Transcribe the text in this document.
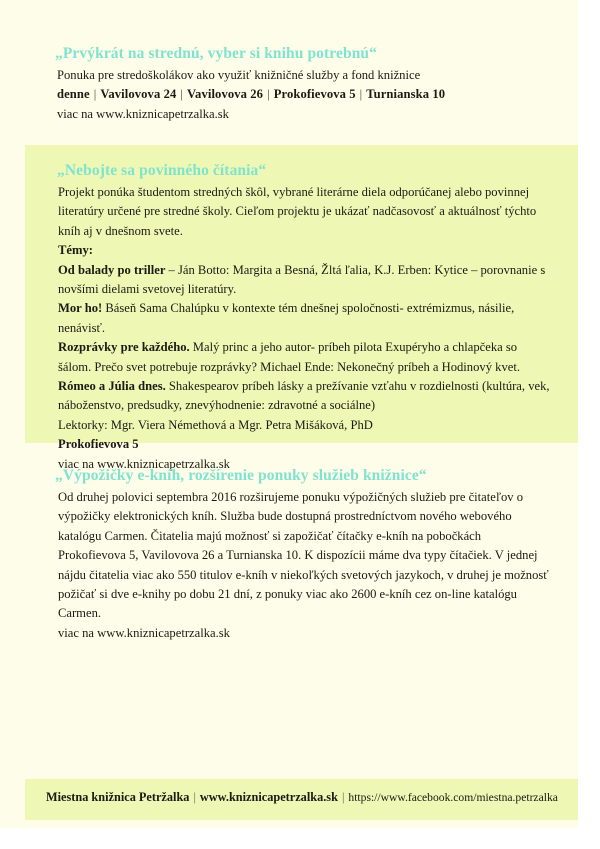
„Prvýkrát na strednú, vyber si knihu potrebnú“
Ponuka pre stredoškolákov ako využiť knižničné služby a fond knižnice
denne | Vavilovova 24 | Vavilovova 26 | Prokofievova 5 | Turnianska 10
viac na www.kniznicapetrzalka.sk
„Nebojte sa povinného čítania“
Projekt ponúka študentom stredných škôl, vybrané literárne diela odporúčanej alebo povinnej literatúry určené pre stredné školy. Cieľom projektu je ukázať nadčasovosť a aktuálnosť týchto kníh aj v dnešnom svete.
Témy:
Od balady po triller – Ján Botto: Margita a Besná, Žltá ľalia, K.J. Erben: Kytice – porovnanie s novšími dielami svetovej literatúry.
Mor ho! Báseň Sama Chalúpku v kontexte tém dnešnej spoločnosti- extrémizmus, násilie, nenávisť.
Rozprávky pre každého. Malý princ a jeho autor- príbeh pilota Exupéryho a chlapčeka so šálom. Prečo svet potrebuje rozprávky? Michael Ende: Nekonečný príbeh a Hodinový kvet.
Rómeo a Júlia dnes. Shakespearov príbeh lásky a prežívanie vzťahu v rozdielnosti (kultúra, vek, náboženstvo, predsudky, znevýhodnenie: zdravotné a sociálne)
Lektorky: Mgr. Viera Némethová a Mgr. Petra Mišáková, PhD
Prokofievova 5
viac na www.kniznicapetrzalka.sk
„Výpožičky e-kníh, rozšírenie ponuky služieb knižnice“
Od druhej polovici septembra 2016 rozširujeme ponuku výpožičných služieb pre čitateľov o výpožičky elektronických kníh. Služba bude dostupná prostredníctvom nového webového katalógu Carmen. Čitatelia majú možnosť si zapožičať čítačky e-kníh na pobočkách Prokofievova 5, Vavilovova 26 a Turnianska 10. K dispozícii máme dva typy čítačiek. V jednej nájdu čitatelia viac ako 550 titulov e-kníh v niekoľkých svetových jazykoch, v druhej je možnosť požičať si dve e-knihy po dobu 21 dní, z ponuky viac ako 2600 e-kníh cez on-line katalógu Carmen.
viac na www.kniznicapetrzalka.sk
Miestna knižnica Petržalka | www.kniznicapetrzalka.sk | https://www.facebook.com/miestna.petrzalka
